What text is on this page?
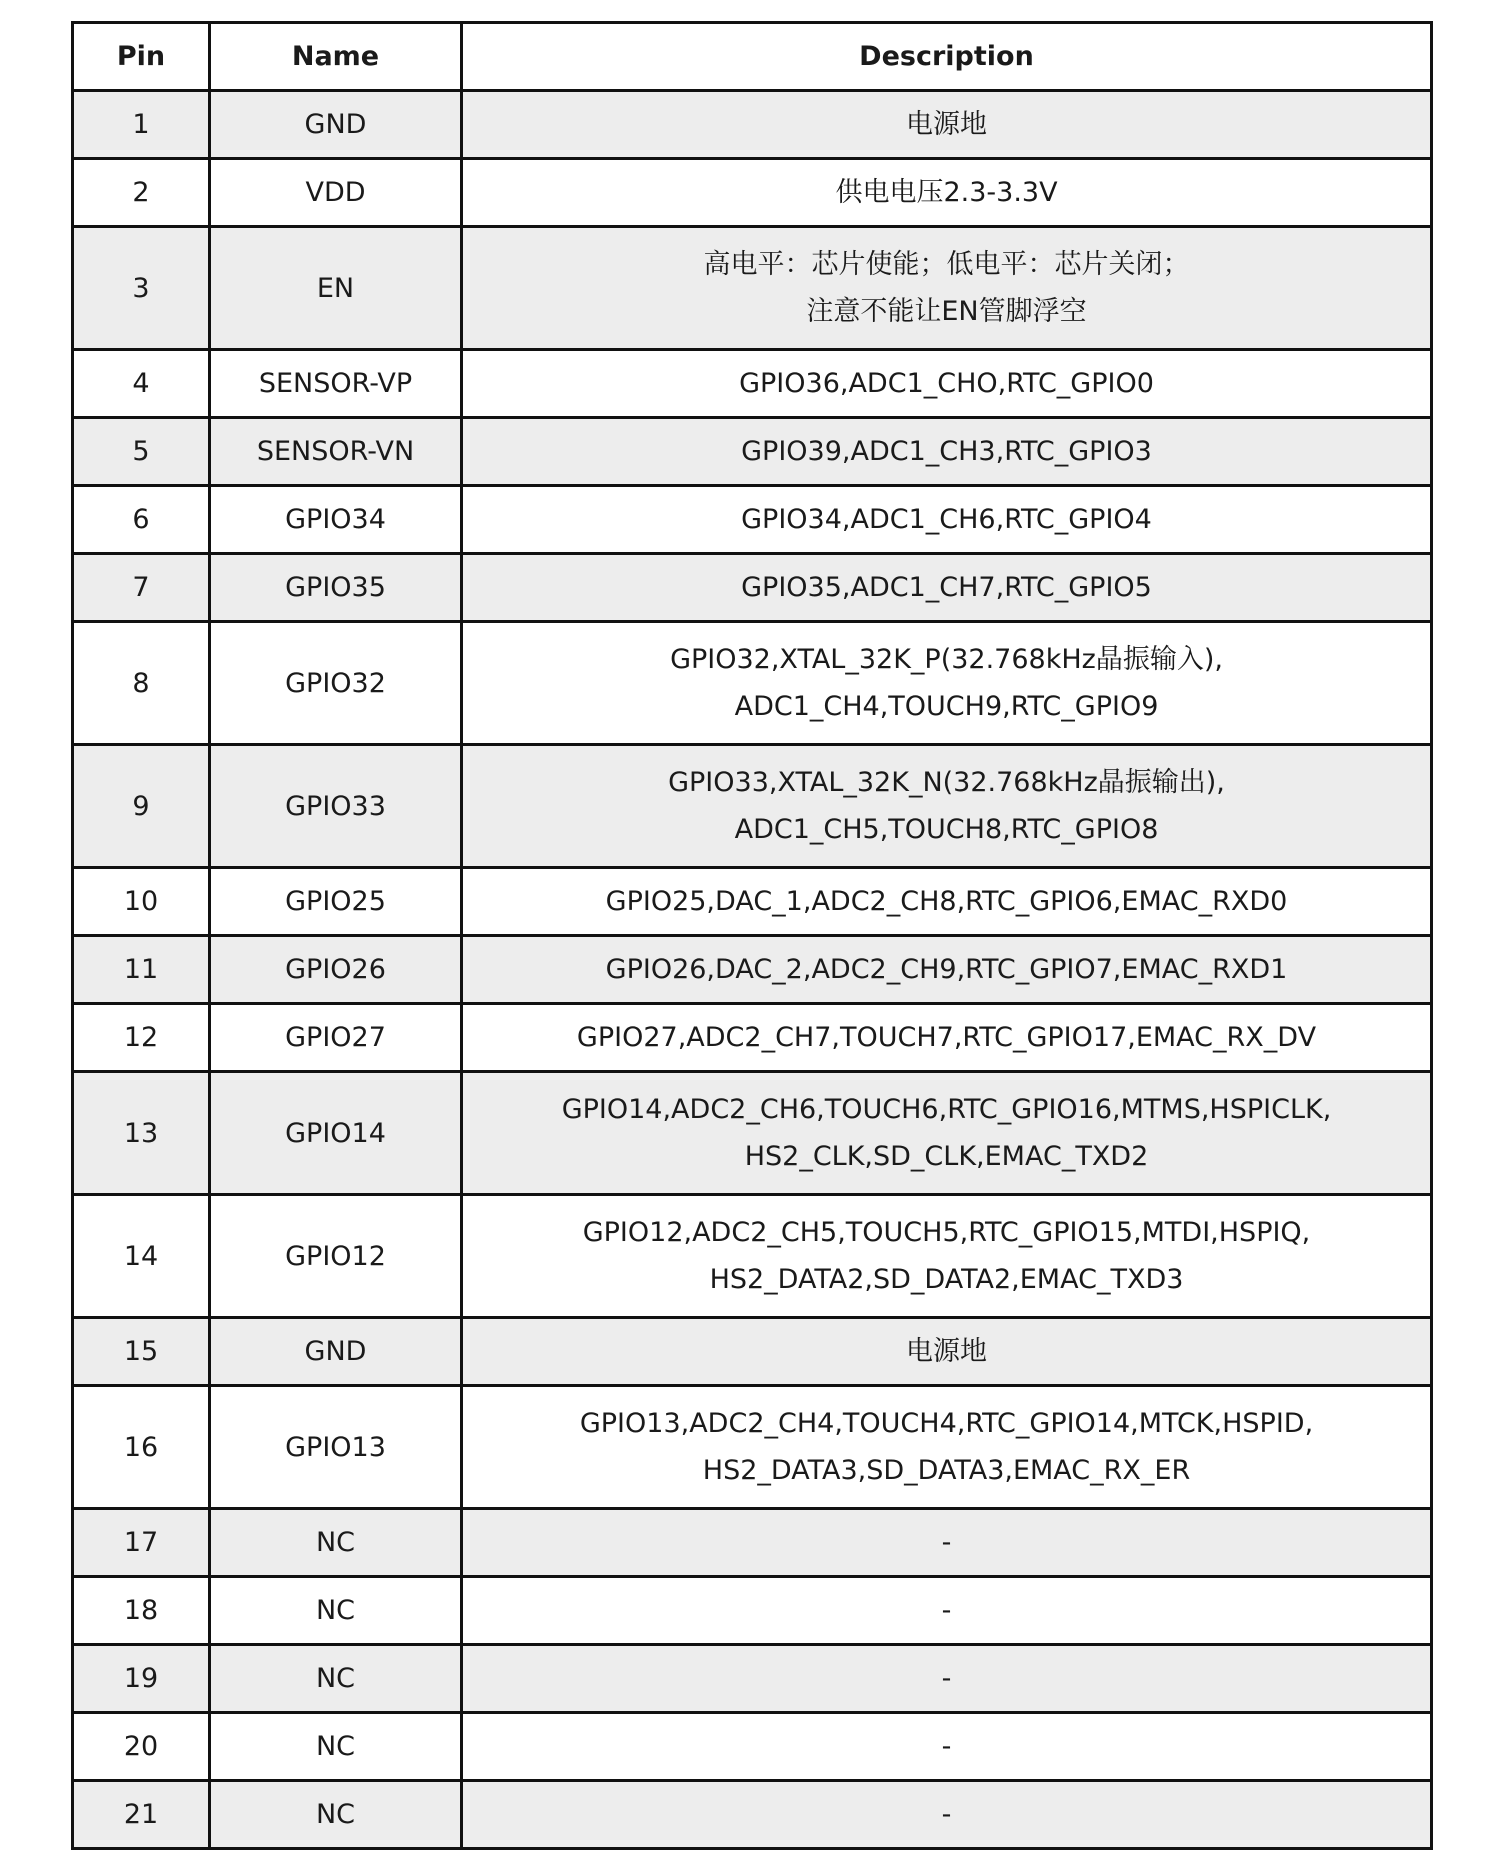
Pin	Name	Description
1	GND	电源地

2	VDD	供电电压2.3-3.3V

3	EN	高电平：芯片使能；低电平：芯片关闭；
注意不能让EN管脚浮空

4	SENSOR-VP	GPIO36,ADC1_CHO,RTC_GPIO0

5	SENSOR-VN	GPIO39,ADC1_CH3,RTC_GPIO3

6	GPIO34	GPIO34,ADC1_CH6,RTC_GPIO4

7	GPIO35	GPIO35,ADC1_CH7,RTC_GPIO5

8	GPIO32	GPIO32,XTAL_32K_P(32.768kHz晶振输入),
ADC1_CH4,TOUCH9,RTC_GPIO9

9	GPIO33	GPIO33,XTAL_32K_N(32.768kHz晶振输出),
ADC1_CH5,TOUCH8,RTC_GPIO8

10	GPIO25	GPIO25,DAC_1,ADC2_CH8,RTC_GPIO6,EMAC_RXD0

11	GPIO26	GPIO26,DAC_2,ADC2_CH9,RTC_GPIO7,EMAC_RXD1

12	GPIO27	GPIO27,ADC2_CH7,TOUCH7,RTC_GPIO17,EMAC_RX_DV

13	GPIO14	GPIO14,ADC2_CH6,TOUCH6,RTC_GPIO16,MTMS,HSPICLK,
HS2_CLK,SD_CLK,EMAC_TXD2

14	GPIO12	GPIO12,ADC2_CH5,TOUCH5,RTC_GPIO15,MTDI,HSPIQ,
HS2_DATA2,SD_DATA2,EMAC_TXD3

15	GND	电源地

16	GPIO13	GPIO13,ADC2_CH4,TOUCH4,RTC_GPIO14,MTCK,HSPID,
HS2_DATA3,SD_DATA3,EMAC_RX_ER

17	NC	-

18	NC	-

19	NC	-

20	NC	-

21	NC	-
